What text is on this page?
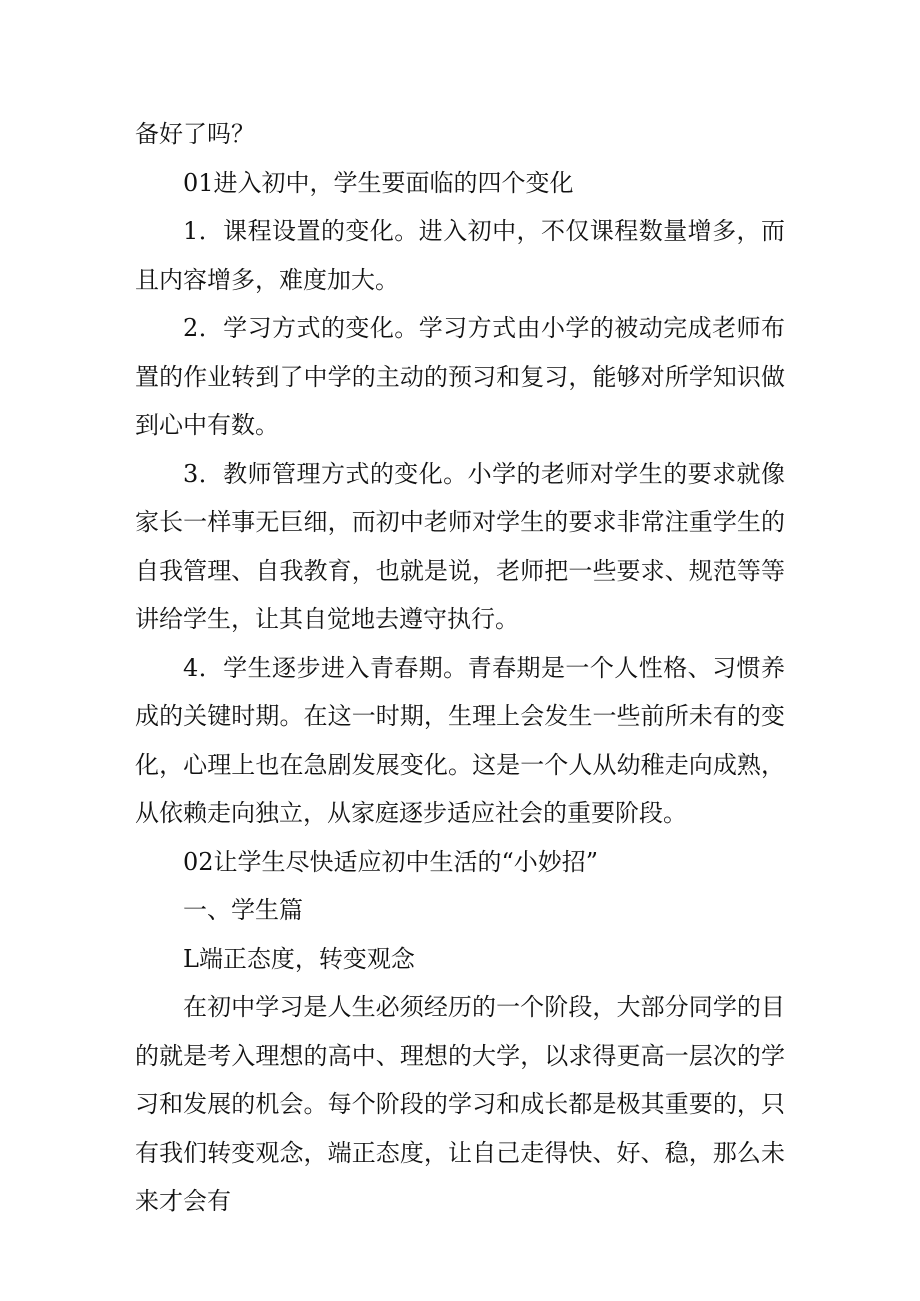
备好了吗？

01进入初中，学生要面临的四个变化

1．课程设置的变化。进入初中，不仅课程数量增多，而且内容增多，难度加大。

2．学习方式的变化。学习方式由小学的被动完成老师布置的作业转到了中学的主动的预习和复习，能够对所学知识做到心中有数。

3．教师管理方式的变化。小学的老师对学生的要求就像家长一样事无巨细，而初中老师对学生的要求非常注重学生的自我管理、自我教育，也就是说，老师把一些要求、规范等等讲给学生，让其自觉地去遵守执行。

4．学生逐步进入青春期。青春期是一个人性格、习惯养成的关键时期。在这一时期，生理上会发生一些前所未有的变化，心理上也在急剧发展变化。这是一个人从幼稚走向成熟，从依赖走向独立，从家庭逐步适应社会的重要阶段。

02让学生尽快适应初中生活的“小妙招”

一、学生篇

L端正态度，转变观念

在初中学习是人生必须经历的一个阶段，大部分同学的目的就是考入理想的高中、理想的大学，以求得更高一层次的学习和发展的机会。每个阶段的学习和成长都是极其重要的，只有我们转变观念，端正态度，让自己走得快、好、稳，那么未来才会有
